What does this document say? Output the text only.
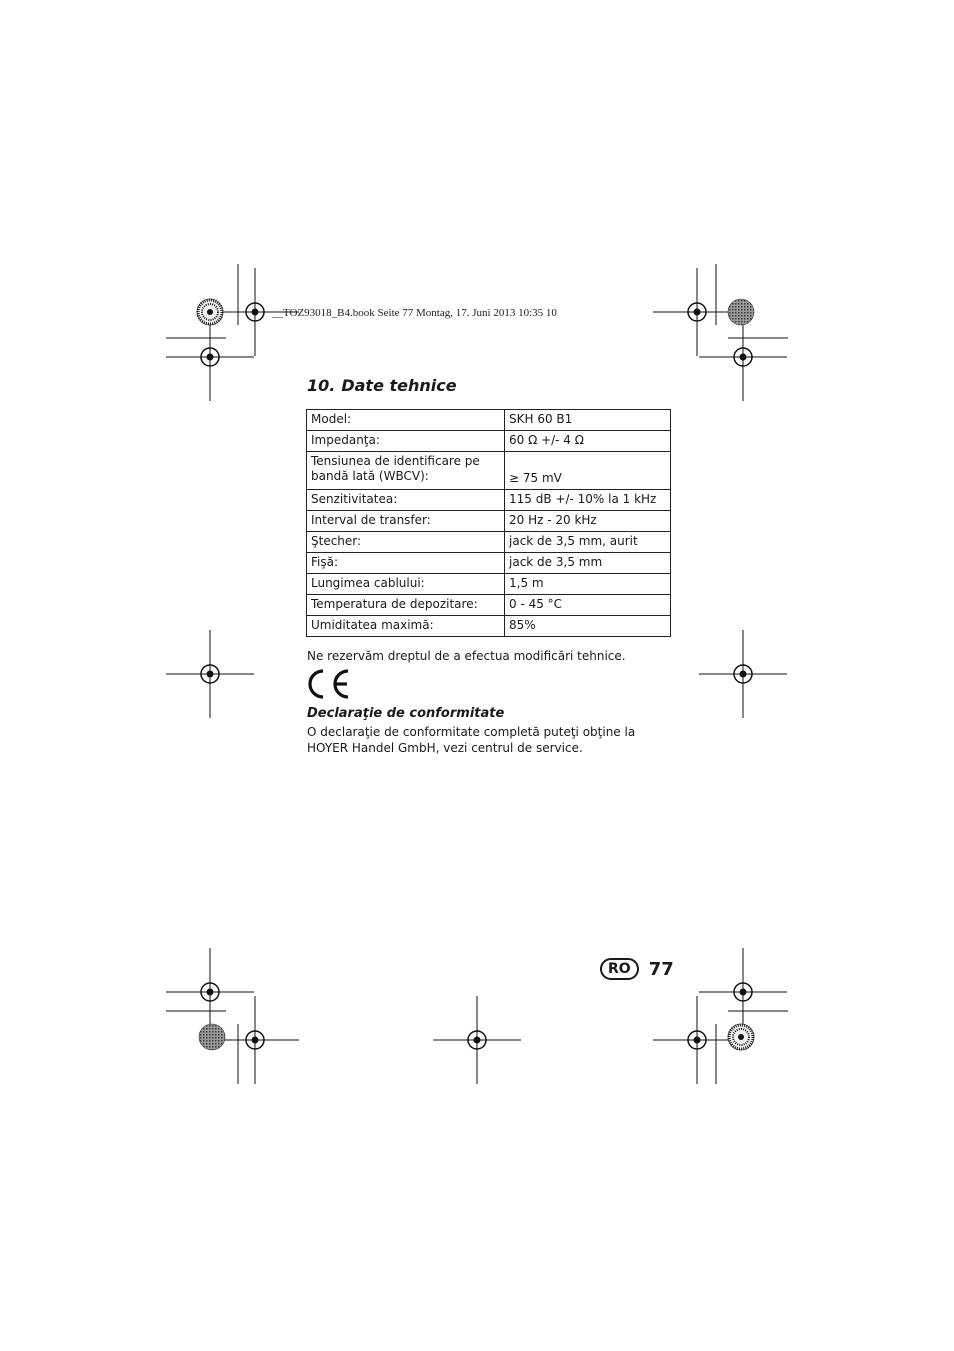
__TOZ93018_B4.book Seite 77 Montag, 17. Juni 2013 10:35 10
10. Date tehnice
Model:	SKH 60 B1
Impedanţa:	60 Ω +/- 4 Ω
Tensiunea de identificare pe bandă lată (WBCV):	≥ 75 mV
Senzitivitatea:	115 dB +/- 10% la 1 kHz
Interval de transfer:	20 Hz - 20 kHz
Ştecher:	jack de 3,5 mm, aurit
Fişă:	jack de 3,5 mm
Lungimea cablului:	1,5 m
Temperatura de depozitare:	0 - 45 °C
Umiditatea maximă:	85%
Ne rezervăm dreptul de a efectua modificări tehnice.
Declaraţie de conformitate

O declaraţie de conformitate completă puteţi obţine la
HOYER Handel GmbH, vezi centrul de service.

RO	77
